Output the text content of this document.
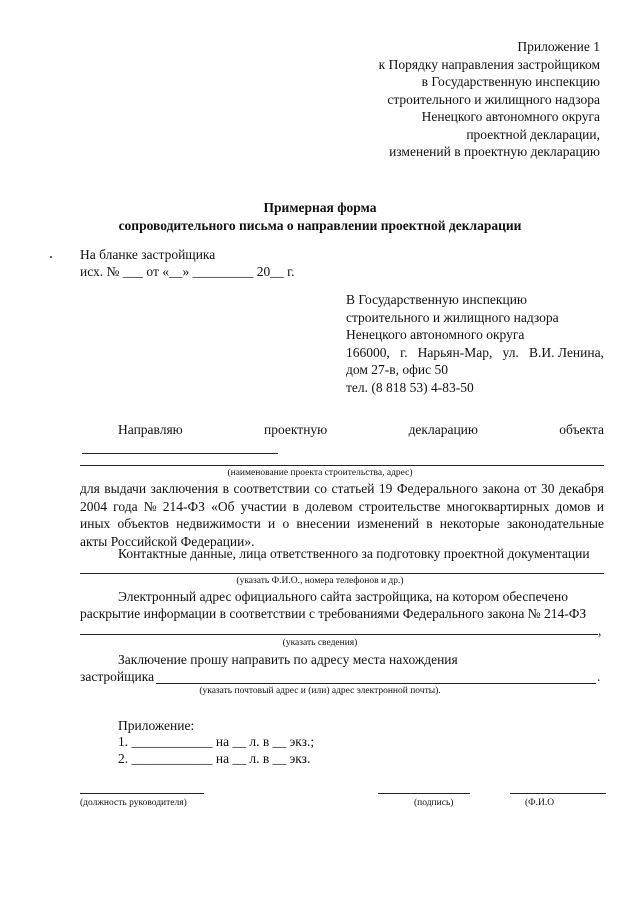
Приложение 1
к Порядку направления застройщиком
в Государственную инспекцию
строительного и жилищного надзора
Ненецкого автономного округа
проектной декларации,
изменений в проектную декларацию
Примерная форма
сопроводительного письма о направлении проектной декларации
На бланке застройщика
исх. № ___ от «__» _________ 20__ г.
В Государственную инспекцию
строительного и жилищного надзора
Ненецкого автономного округа
166000, г. Нарьян-Мар, ул. В.И. Ленина,
дом 27-в, офис 50
тел. (8 818 53) 4-83-50
Направляю	проектную	декларацию	объекта
(наименование проекта строительства, адрес)
для выдачи заключения в соответствии со статьей 19 Федерального закона от 30 декабря
2004 года № 214-ФЗ «Об участии в долевом строительстве многоквартирных домов и
иных объектов недвижимости и о внесении изменений в некоторые законодательные
акты Российской Федерации».
Контактные данные, лица ответственного за подготовку проектной документации
(указать Ф.И.О., номера телефонов и др.)
Электронный адрес официального сайта застройщика, на котором обеспечено
раскрытие информации в соответствии с требованиями Федерального закона № 214-ФЗ
,
(указать сведения)
Заключение прошу направить по адресу места нахождения
застройщика	.
(указать почтовый адрес и (или) адрес электронной почты).
Приложение:
1. ____________ на __ л. в __ экз.;
2. ____________ на __ л. в __ экз.
(должность руководителя)	(подпись)	(Ф.И.О
